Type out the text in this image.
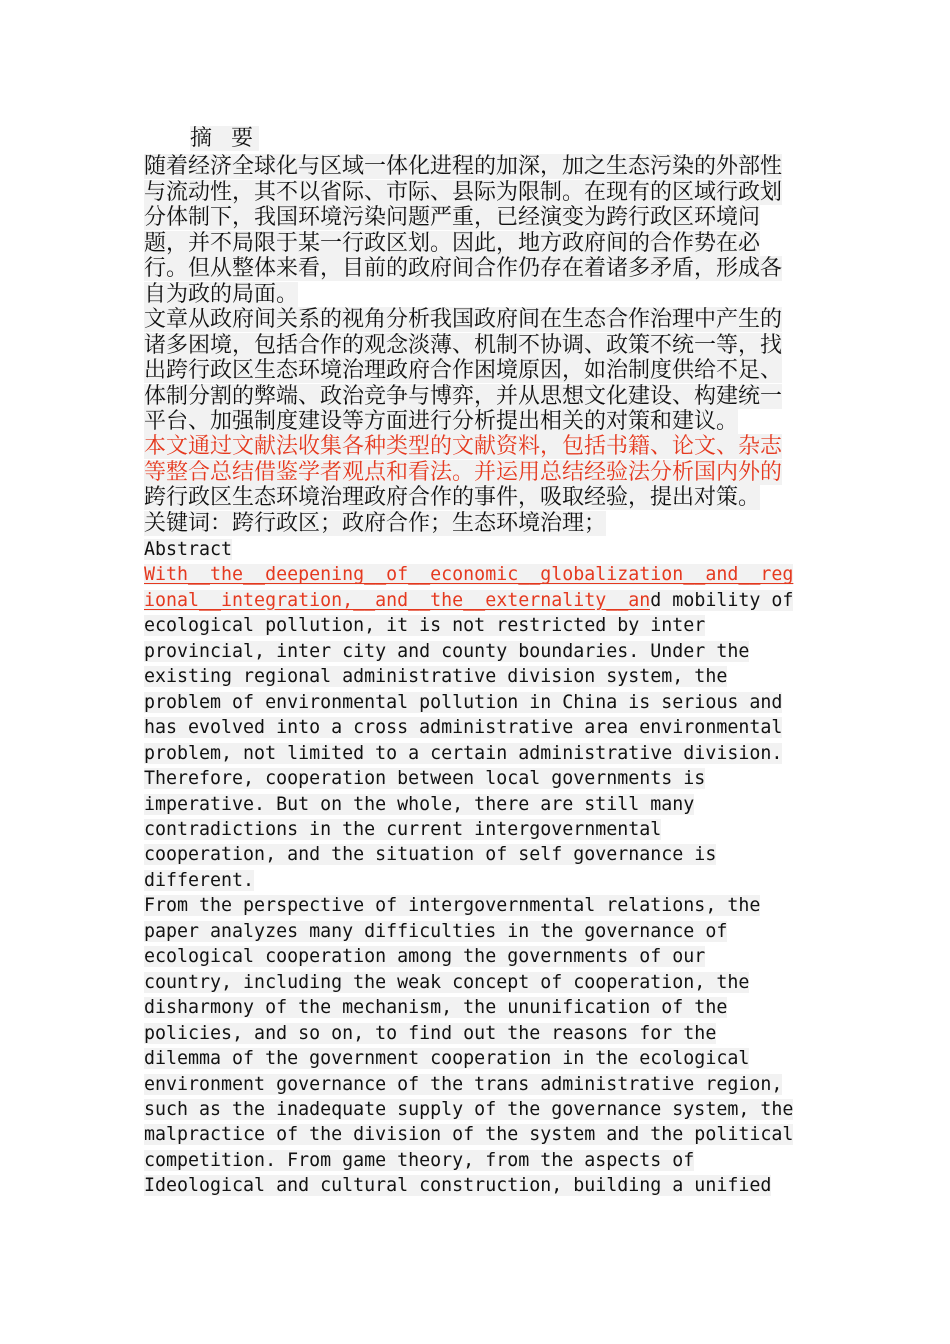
摘 要
随着经济全球化与区域一体化进程的加深，加之生态污染的外部性
与流动性，其不以省际、市际、县际为限制。在现有的区域行政划
分体制下，我国环境污染问题严重，已经演变为跨行政区环境问
题，并不局限于某一行政区划。因此，地方政府间的合作势在必
行。但从整体来看，目前的政府间合作仍存在着诸多矛盾，形成各
自为政的局面。
文章从政府间关系的视角分析我国政府间在生态合作治理中产生的
诸多困境，包括合作的观念淡薄、机制不协调、政策不统一等，找
出跨行政区生态环境治理政府合作困境原因，如治制度供给不足、
体制分割的弊端、政治竞争与博弈，并从思想文化建设、构建统一
平台、加强制度建设等方面进行分析提出相关的对策和建议。
本文通过文献法收集各种类型的文献资料，包括书籍、论文、杂志
等整合总结借鉴学者观点和看法。并运用总结经验法分析国内外的
跨行政区生态环境治理政府合作的事件，吸取经验，提出对策。
关键词：跨行政区；政府合作；生态环境治理；
Abstract
With__the__deepening__of__economic__globalization__and__reg
ional__integration,__and__the__externality__and mobility of
ecological pollution, it is not restricted by inter
provincial, inter city and county boundaries. Under the
existing regional administrative division system, the
problem of environmental pollution in China is serious and
has evolved into a cross administrative area environmental
problem, not limited to a certain administrative division.
Therefore, cooperation between local governments is
imperative. But on the whole, there are still many
contradictions in the current intergovernmental
cooperation, and the situation of self governance is
different.
From the perspective of intergovernmental relations, the
paper analyzes many difficulties in the governance of
ecological cooperation among the governments of our
country, including the weak concept of cooperation, the
disharmony of the mechanism, the ununification of the
policies, and so on, to find out the reasons for the
dilemma of the government cooperation in the ecological
environment governance of the trans administrative region,
such as the inadequate supply of the governance system, the
malpractice of the division of the system and the political
competition. From game theory, from the aspects of
Ideological and cultural construction, building a unified
